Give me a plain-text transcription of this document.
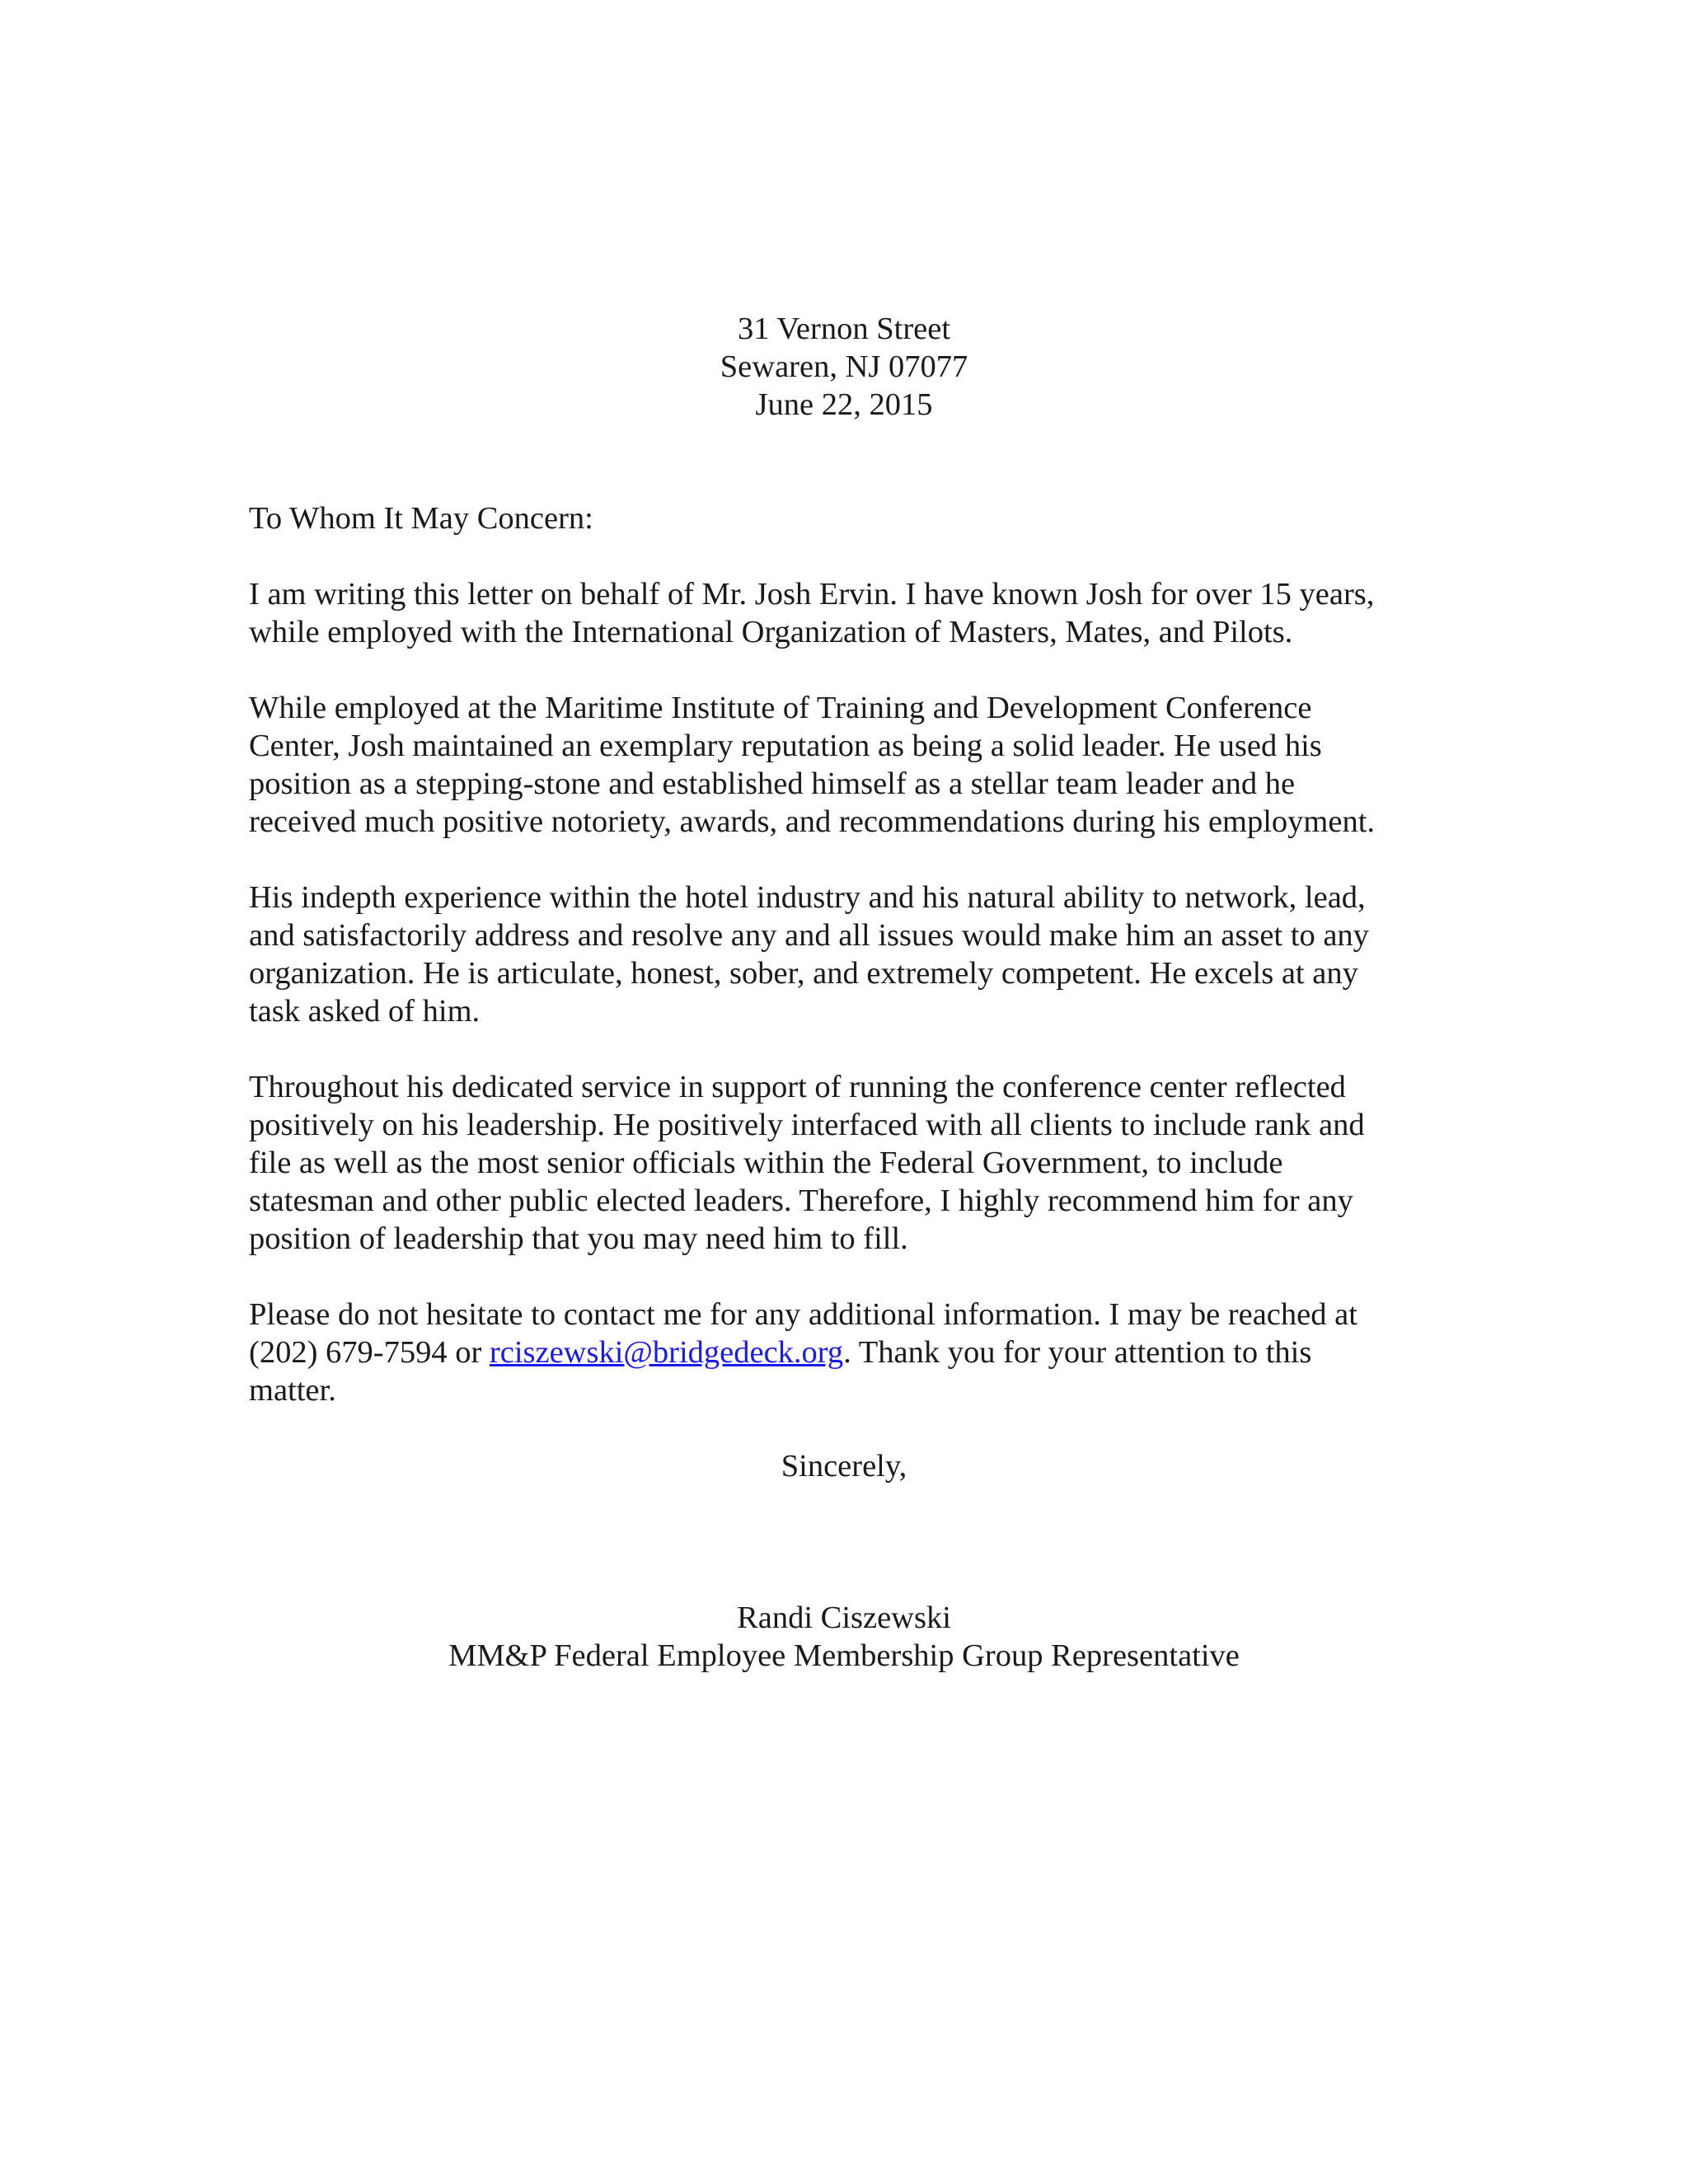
31 Vernon Street
Sewaren, NJ 07077
June 22, 2015
To Whom It May Concern:
I am writing this letter on behalf of Mr. Josh Ervin. I have known Josh for over 15 years,
while employed with the International Organization of Masters, Mates, and Pilots.
While employed at the Maritime Institute of Training and Development Conference
Center, Josh maintained an exemplary reputation as being a solid leader. He used his
position as a stepping-stone and established himself as a stellar team leader and he
received much positive notoriety, awards, and recommendations during his employment.
His indepth experience within the hotel industry and his natural ability to network, lead,
and satisfactorily address and resolve any and all issues would make him an asset to any
organization. He is articulate, honest, sober, and extremely competent. He excels at any
task asked of him.
Throughout his dedicated service in support of running the conference center reflected
positively on his leadership. He positively interfaced with all clients to include rank and
file as well as the most senior officials within the Federal Government, to include
statesman and other public elected leaders. Therefore, I highly recommend him for any
position of leadership that you may need him to fill.
Please do not hesitate to contact me for any additional information. I may be reached at
(202) 679-7594 or rciszewski@bridgedeck.org. Thank you for your attention to this
matter.
Sincerely,
Randi Ciszewski
MM&P Federal Employee Membership Group Representative
